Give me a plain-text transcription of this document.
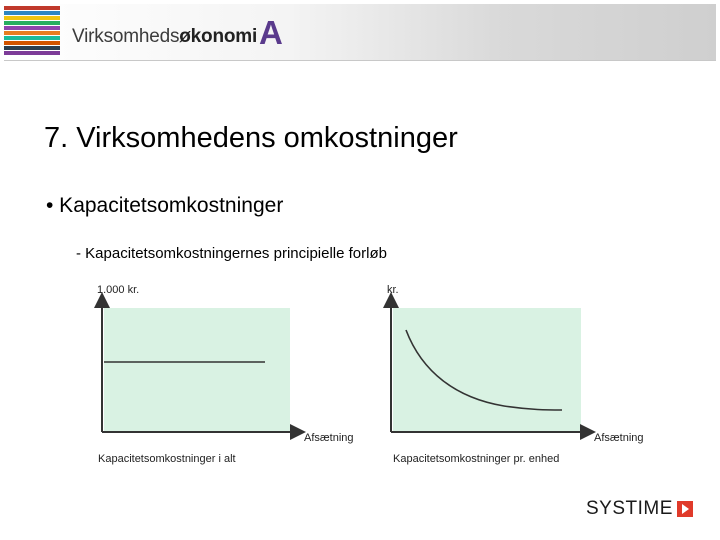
Virksomheds økonomi A
7. Virksomhedens omkostninger
• Kapacitetsomkostninger
- Kapacitetsomkostningernes principielle forløb
1.000 kr.
Afsætning
Kapacitetsomkostninger i alt
kr.
Afsætning
Kapacitetsomkostninger pr. enhed
SYSTIME
